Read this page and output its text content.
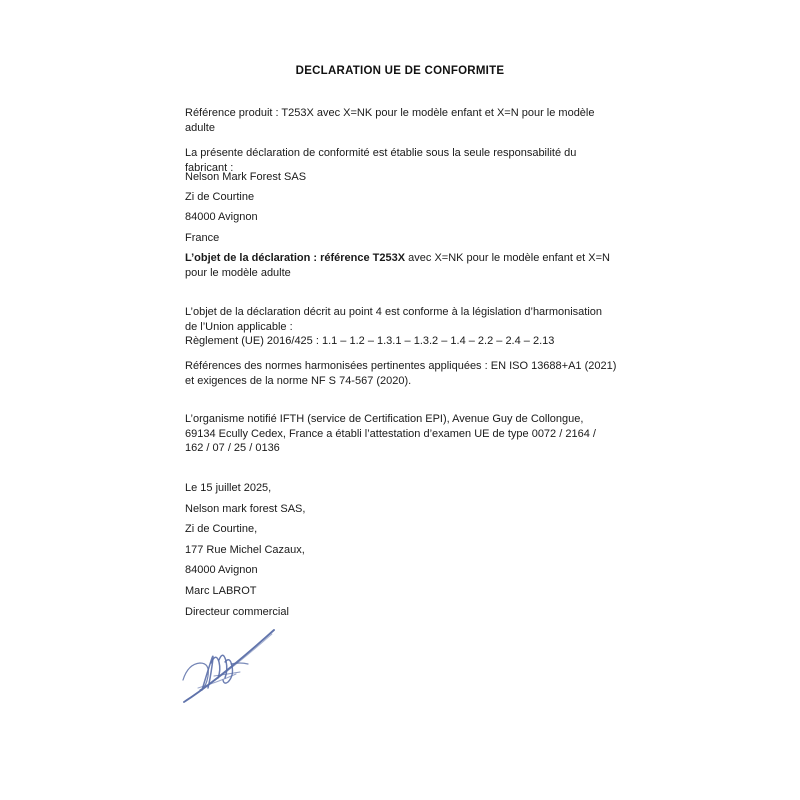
DECLARATION UE DE CONFORMITE
Référence produit : T253X avec X=NK pour le modèle enfant et X=N pour le modèle adulte
La présente déclaration de conformité est établie sous la seule responsabilité du fabricant :
Nelson Mark Forest SAS
Zi de Courtine
84000 Avignon
France
L’objet de la déclaration : référence T253X avec X=NK pour le modèle enfant et X=N pour le modèle adulte
L’objet de la déclaration décrit au point 4 est conforme à la législation d’harmonisation de l’Union applicable :
Règlement (UE) 2016/425 : 1.1 – 1.2 – 1.3.1 – 1.3.2 – 1.4 – 2.2 – 2.4 – 2.13
Références des normes harmonisées pertinentes appliquées : EN ISO 13688+A1 (2021) et exigences de la norme NF S 74-567 (2020).
L’organisme notifié IFTH (service de Certification EPI), Avenue Guy de Collongue, 69134 Ecully Cedex, France a établi l’attestation d’examen UE de type 0072 / 2164 / 162 / 07 / 25 / 0136
Le 15 juillet 2025,
Nelson mark forest SAS,
Zi de Courtine,
177 Rue Michel Cazaux,
84000 Avignon
Marc LABROT
Directeur commercial
